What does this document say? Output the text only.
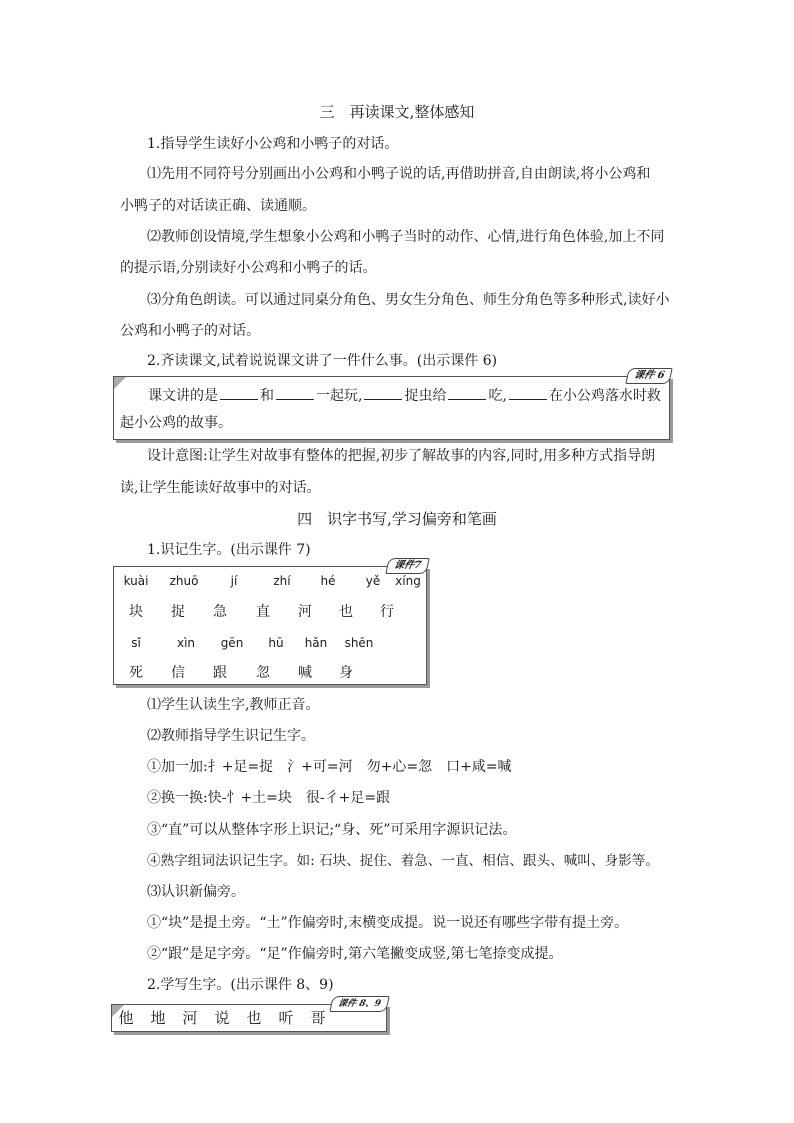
三　再读课文,整体感知
1.指导学生读好小公鸡和小鸭子的对话。
⑴先用不同符号分别画出小公鸡和小鸭子说的话,再借助拼音,自由朗读,将小公鸡和
小鸭子的对话读正确、读通顺。
⑵教师创设情境,学生想象小公鸡和小鸭子当时的动作、心情,进行角色体验,加上不同
的提示语,分别读好小公鸡和小鸭子的话。
⑶分角色朗读。可以通过同桌分角色、男女生分角色、师生分角色等多种形式,读好小
公鸡和小鸭子的对话。
2.齐读课文,试着说说课文讲了一件什么事。(出示课件 6)
课件 6
课文讲的是	和	一起玩,	捉虫给	吃,	在小公鸡落水时救
起小公鸡的故事。
设计意图:让学生对故事有整体的把握,初步了解故事的内容,同时,用多种方式指导朗
读,让学生能读好故事中的对话。
四　识字书写,学习偏旁和笔画
1.识记生字。(出示课件 7)
课件7
kuài	zhuō	jí	zhí	hé	yě	xíng
块	捉	急	直	河	也	行
sǐ	xìn	gēn	hū	hǎn	shēn
死	信	跟	忽	喊	身
⑴学生认读生字,教师正音。
⑵教师指导学生识记生字。
①加一加:扌+足=捉　氵+可=河　勿+心=忽　口+咸=喊
②换一换:快-忄+土=块　很-彳+足=跟
③“直”可以从整体字形上识记;“身、死”可采用字源识记法。
④熟字组词法识记生字。如: 石块、捉住、着急、一直、相信、跟头、喊叫、身影等。
⑶认识新偏旁。
①“块”是提土旁。“土”作偏旁时,末横变成提。说一说还有哪些字带有提土旁。
②“跟”是足字旁。“足”作偏旁时,第六笔撇变成竖,第七笔捺变成提。
2.学写生字。(出示课件 8、9)
课件 8、9
他	地	河	说	也	听	哥
